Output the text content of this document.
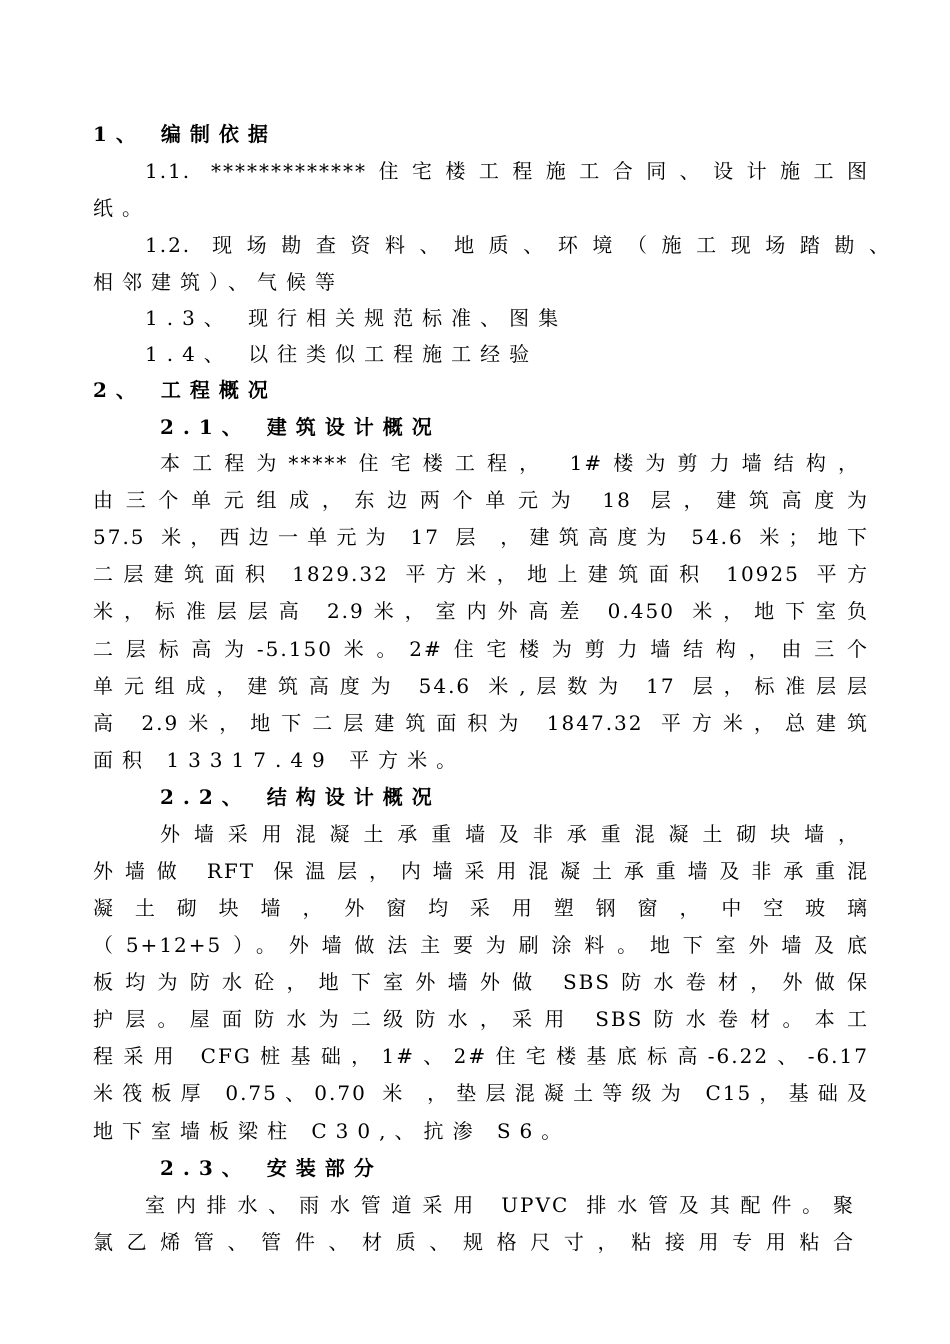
1、 编制依据
1.1. *************住宅楼工程施工合同、设计施工图
纸。
1.2. 现场勘查资料、地质、环境（施工现场踏勘、
相邻建筑）、气候等
1.3、 现行相关规范标准、图集
1.4、 以往类似工程施工经验
2、 工程概况
2.1、 建筑设计概况
本工程为*****住宅楼工程， 1#楼为剪力墙结构，
由三个单元组成，东边两个单元为 18 层，建筑高度为
57.5 米，西边一单元为 17 层 ，建筑高度为 54.6 米；地下
二层建筑面积 1829.32 平方米，地上建筑面积 10925 平方
米，标准层层高 2.9米，室内外高差 0.450 米，地下室负
二层标高为-5.150米。2#住宅楼为剪力墙结构，由三个
单元组成，建筑高度为 54.6 米,层数为 17 层，标准层层
高 2.9米，地下二层建筑面积为 1847.32 平方米，总建筑
面积 13317.49 平方米。
2.2、 结构设计概况
外墙采用混凝土承重墙及非承重混凝土砌块墙，
外墙做 RFT 保温层，内墙采用混凝土承重墙及非承重混
凝土砌块墙，外窗均采用塑钢窗，中空玻璃
（5+12+5）。外墙做法主要为刷涂料。地下室外墙及底
板均为防水砼，地下室外墙外做 SBS防水卷材，外做保
护层。屋面防水为二级防水，采用 SBS防水卷材。本工
程采用 CFG桩基础，1#、2#住宅楼基底标高-6.22、-6.17
米筏板厚 0.75、0.70 米 ，垫层混凝土等级为 C15，基础及
地下室墙板梁柱 C30,、抗渗 S6。
2.3、 安装部分
室内排水、雨水管道采用 UPVC 排水管及其配件。聚
氯乙烯管、管件、材质、规格尺寸，粘接用专用粘合
